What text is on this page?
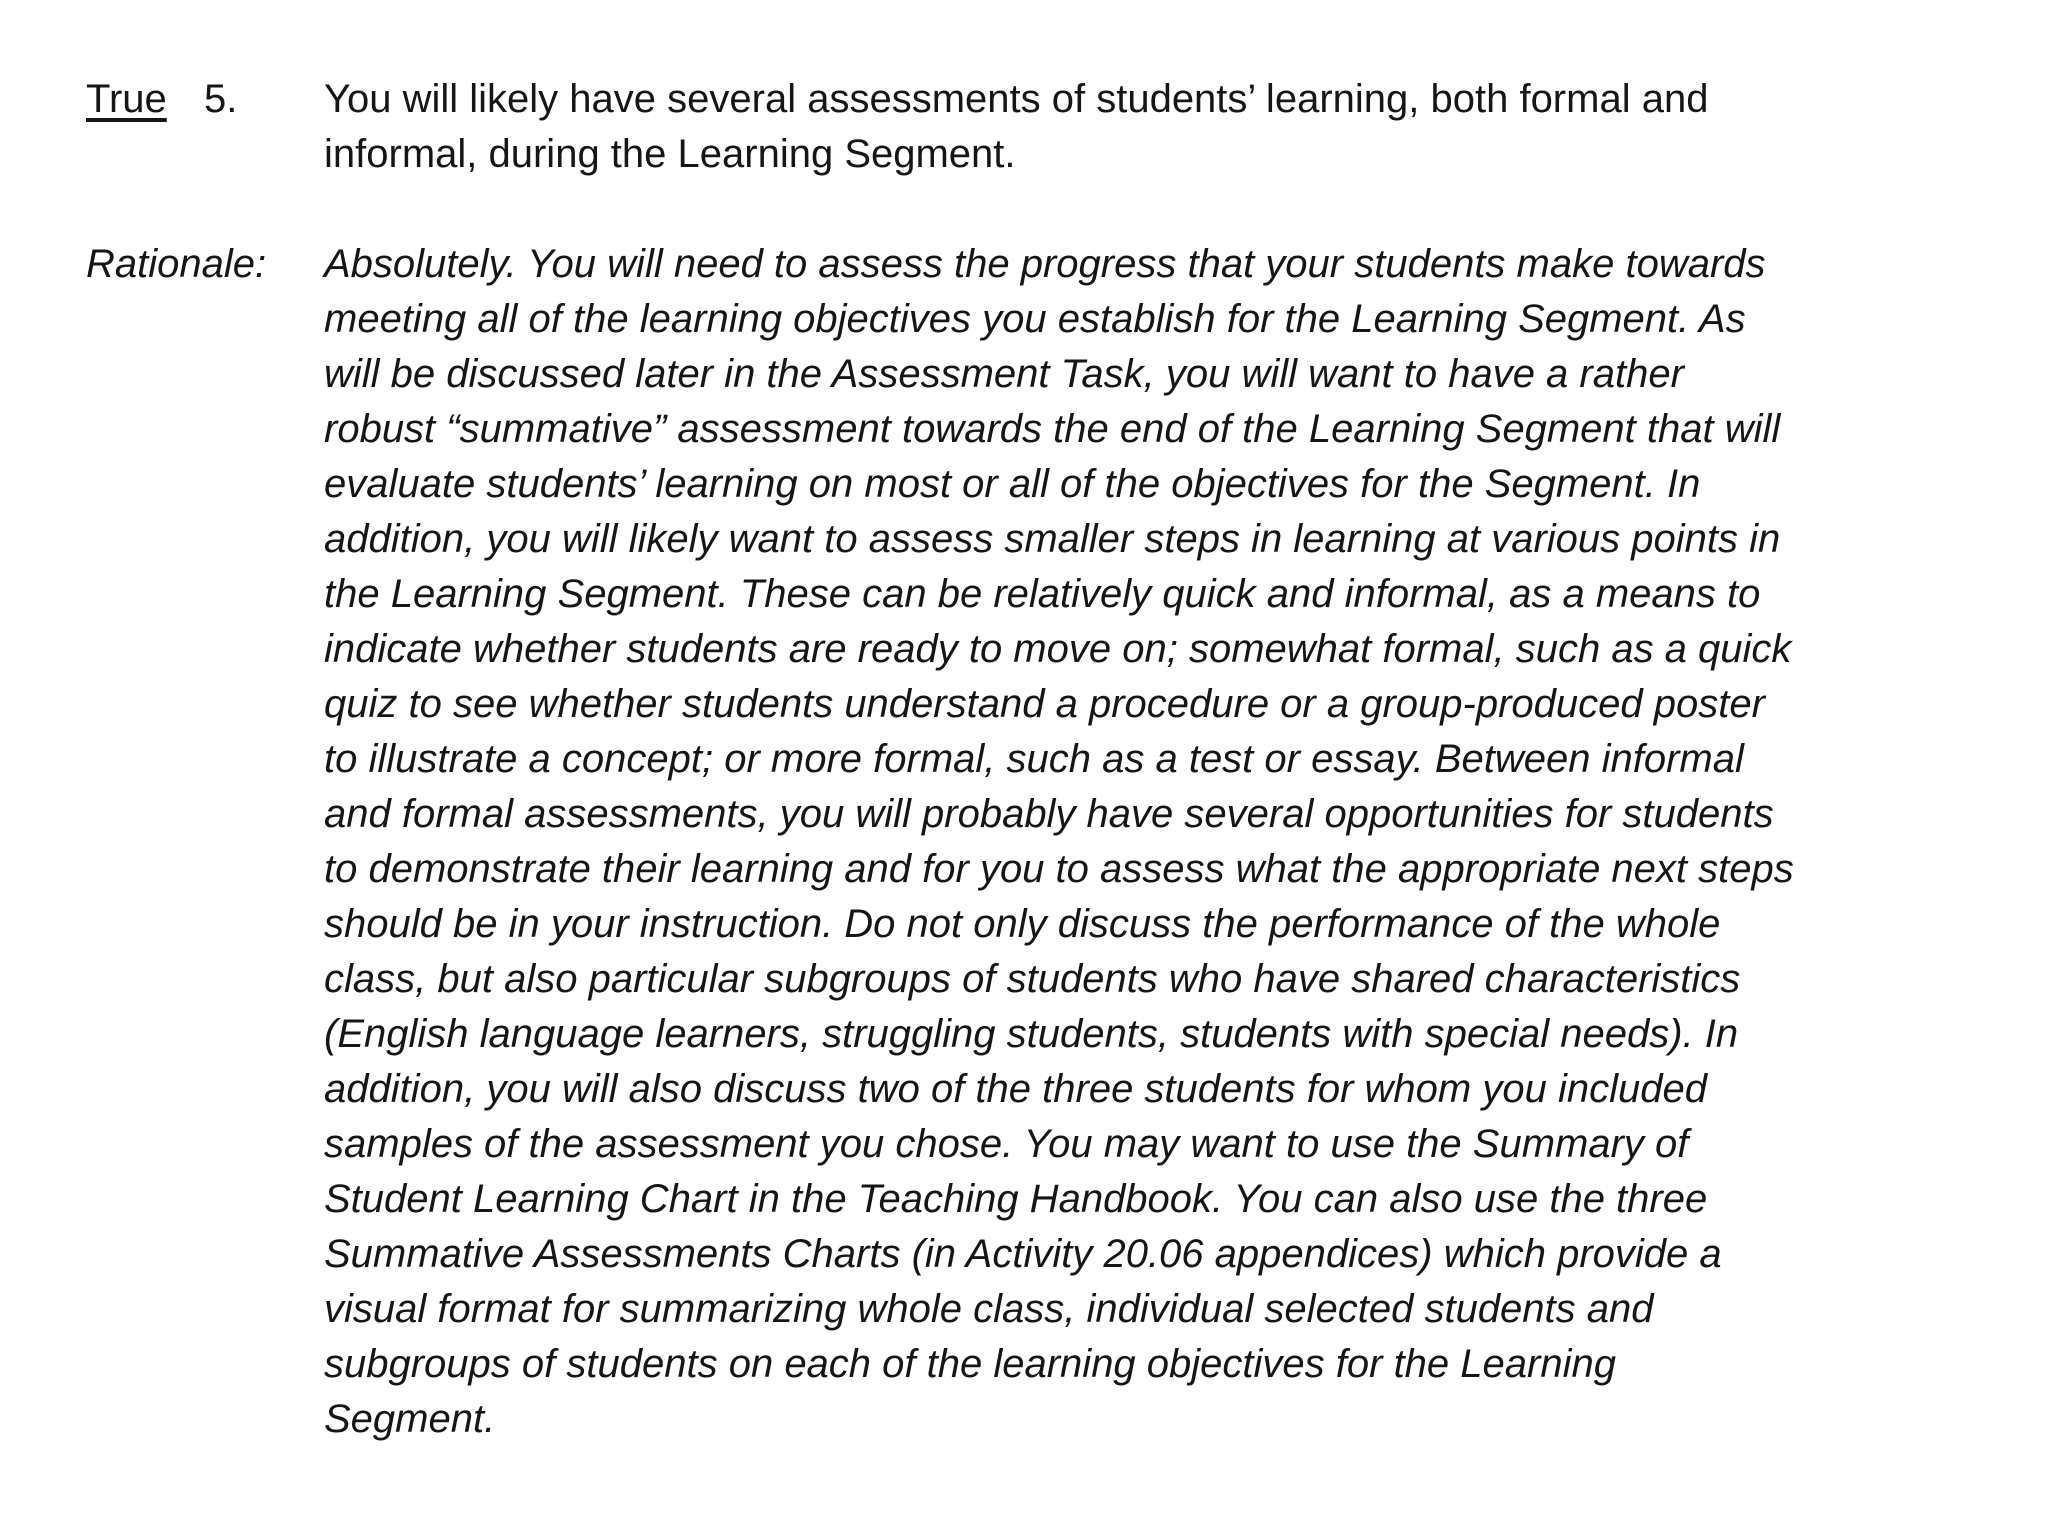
True 5. You will likely have several assessments of students’ learning, both formal and
informal, during the Learning Segment.
Rationale: Absolutely. You will need to assess the progress that your students make towards
meeting all of the learning objectives you establish for the Learning Segment. As
will be discussed later in the Assessment Task, you will want to have a rather
robust “summative” assessment towards the end of the Learning Segment that will
evaluate students’ learning on most or all of the objectives for the Segment. In
addition, you will likely want to assess smaller steps in learning at various points in
the Learning Segment. These can be relatively quick and informal, as a means to
indicate whether students are ready to move on; somewhat formal, such as a quick
quiz to see whether students understand a procedure or a group-produced poster
to illustrate a concept; or more formal, such as a test or essay. Between informal
and formal assessments, you will probably have several opportunities for students
to demonstrate their learning and for you to assess what the appropriate next steps
should be in your instruction. Do not only discuss the performance of the whole
class, but also particular subgroups of students who have shared characteristics
(English language learners, struggling students, students with special needs). In
addition, you will also discuss two of the three students for whom you included
samples of the assessment you chose. You may want to use the Summary of
Student Learning Chart in the Teaching Handbook. You can also use the three
Summative Assessments Charts (in Activity 20.06 appendices) which provide a
visual format for summarizing whole class, individual selected students and
subgroups of students on each of the learning objectives for the Learning
Segment.
